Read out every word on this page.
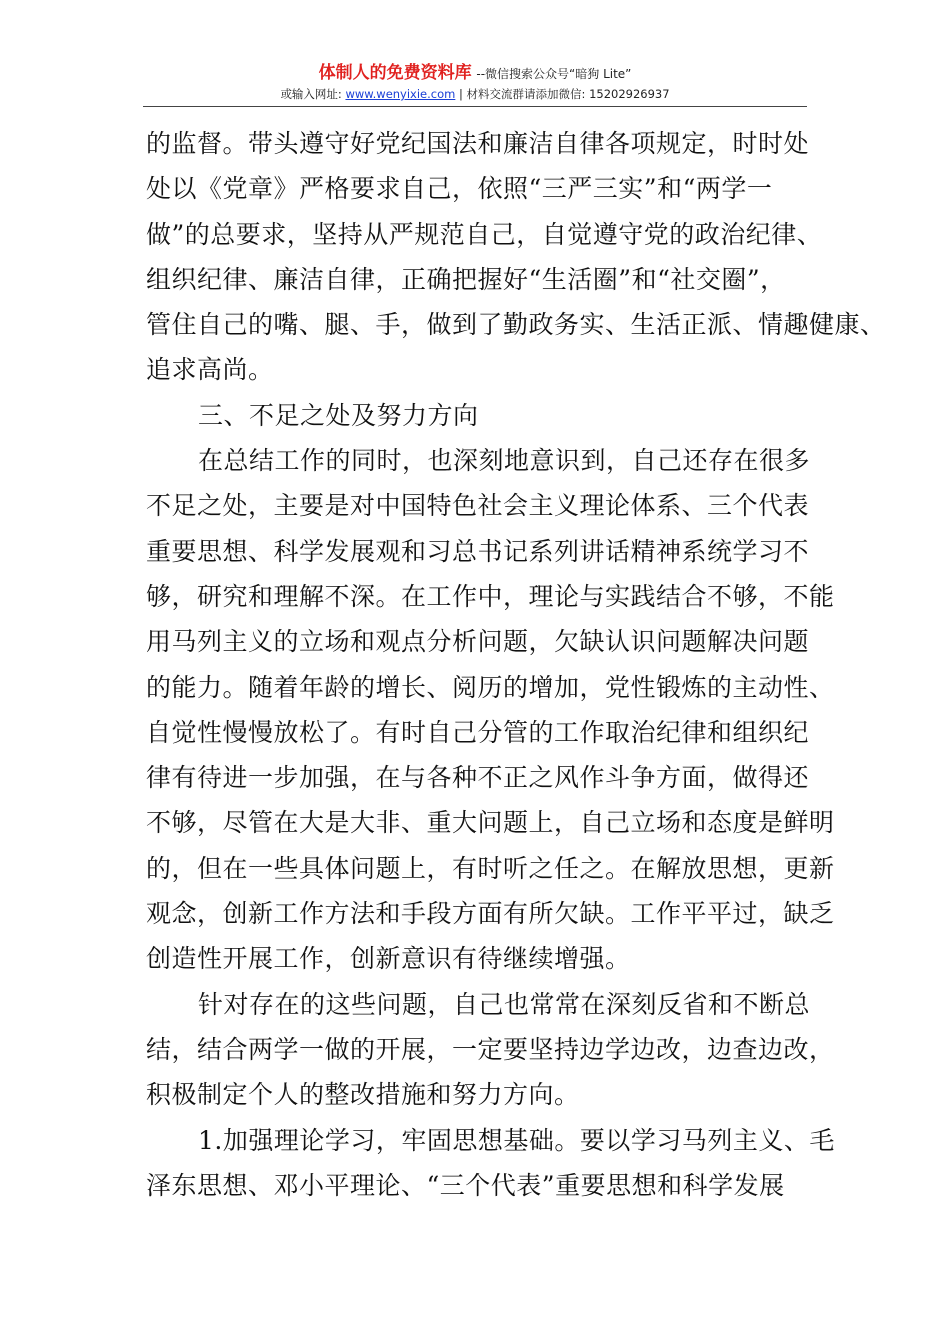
体制人的免费资料库 --微信搜索公众号“暗狗 Lite”
或输入网址: www.wenyixie.com | 材料交流群请添加微信: 15202926937
的监督。带头遵守好党纪国法和廉洁自律各项规定，时时处
处以《党章》严格要求自己，依照“三严三实”和“两学一
做”的总要求，坚持从严规范自己，自觉遵守党的政治纪律、
组织纪律、廉洁自律，正确把握好“生活圈”和“社交圈”，
管住自己的嘴、腿、手，做到了勤政务实、生活正派、情趣健康、
追求高尚。
三、不足之处及努力方向
在总结工作的同时，也深刻地意识到，自己还存在很多
不足之处，主要是对中国特色社会主义理论体系、三个代表
重要思想、科学发展观和习总书记系列讲话精神系统学习不
够，研究和理解不深。在工作中，理论与实践结合不够，不能
用马列主义的立场和观点分析问题，欠缺认识问题解决问题
的能力。随着年龄的增长、阅历的增加，党性锻炼的主动性、
自觉性慢慢放松了。有时自己分管的工作取治纪律和组织纪
律有待进一步加强，在与各种不正之风作斗争方面，做得还
不够，尽管在大是大非、重大问题上，自己立场和态度是鲜明
的，但在一些具体问题上，有时听之任之。在解放思想，更新
观念，创新工作方法和手段方面有所欠缺。工作平平过，缺乏
创造性开展工作，创新意识有待继续增强。
针对存在的这些问题，自己也常常在深刻反省和不断总
结，结合两学一做的开展，一定要坚持边学边改，边查边改，
积极制定个人的整改措施和努力方向。
1.加强理论学习，牢固思想基础。要以学习马列主义、毛
泽东思想、邓小平理论、“三个代表”重要思想和科学发展
